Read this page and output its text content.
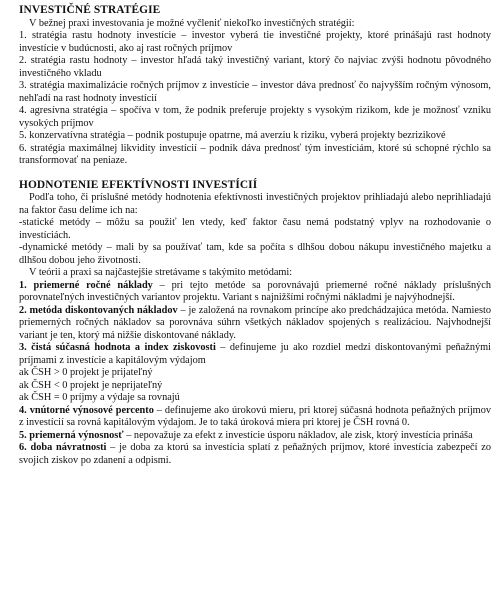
INVESTIČNÉ STRATÉGIE

V bežnej praxi investovania je možné vyčleniť niekoľko investičných stratégií:

1. stratégia rastu hodnoty investície – investor vyberá tie investičné projekty, ktoré prinášajú rast hodnoty investície v budúcnosti, ako aj rast ročných príjmov

2. stratégia rastu hodnoty – investor hľadá taký investičný variant, ktorý čo najviac zvýši hodnotu pôvodného investičného vkladu

3. stratégia maximalizácie ročných príjmov z investície – investor dáva prednosť čo najvyšším ročným výnosom, nehľadí na rast hodnoty investícií

4. agresívna stratégia – spočíva v tom, že podnik preferuje projekty s vysokým rizikom, kde je možnosť vzniku vysokých príjmov

5. konzervatívna stratégia – podnik postupuje opatrne, má averziu k riziku, vyberá projekty bezrizikové

6. stratégia maximálnej likvidity investícií – podnik dáva prednosť tým investíciám, ktoré sú schopné rýchlo sa transformovať na peniaze.

HODNOTENIE EFEKTÍVNOSTI INVESTÍCIÍ

Podľa toho, či príslušné metódy hodnotenia efektívnosti investičných projektov prihliadajú alebo neprihliadajú na faktor času delíme ich na:

-statické metódy – môžu sa použiť len vtedy, keď faktor času nemá podstatný vplyv na rozhodovanie o investíciách.

-dynamické metódy – mali by sa používať tam, kde sa počíta s dlhšou dobou nákupu investičného majetku a dlhšou dobou jeho životnosti.

V teórii a praxi sa najčastejšie stretávame s takýmito metódami:

1. priemerné ročné náklady – pri tejto metóde sa porovnávajú priemerné ročné náklady príslušných porovnateľných investičných variantov projektu. Variant s najnižšími ročnými nákladmi je najvýhodnejší.

2. metóda diskontovaných nákladov – je založená na rovnakom princípe ako predchádzajúca metóda. Namiesto priemerných ročných nákladov sa porovnáva súhrn všetkých nákladov spojených s realizáciou. Najvhodnejší variant je ten, ktorý má nižšie diskontované náklady.

3. čistá súčasná hodnota a index ziskovosti – definujeme ju ako rozdiel medzi diskontovanými peňažnými príjmami z investície a kapitálovým výdajom

ak ČSH > 0 projekt je prijateľný

ak ČSH < 0 projekt je neprijateľný

ak ČSH = 0 príjmy a výdaje sa rovnajú

4. vnútorné výnosové percento – definujeme ako úrokovú mieru, pri ktorej súčasná hodnota peňažných príjmov z investícií sa rovná kapitálovým výdajom. Je to taká úroková miera pri ktorej je ČSH rovná 0.

5. priemerná výnosnosť – nepovažuje za efekt z investície úsporu nákladov, ale zisk, ktorý investícia prináša

6. doba návratnosti – je doba za ktorú sa investícia splatí z peňažných príjmov, ktoré investícia zabezpečí zo svojich ziskov po zdanení a odpismi.
